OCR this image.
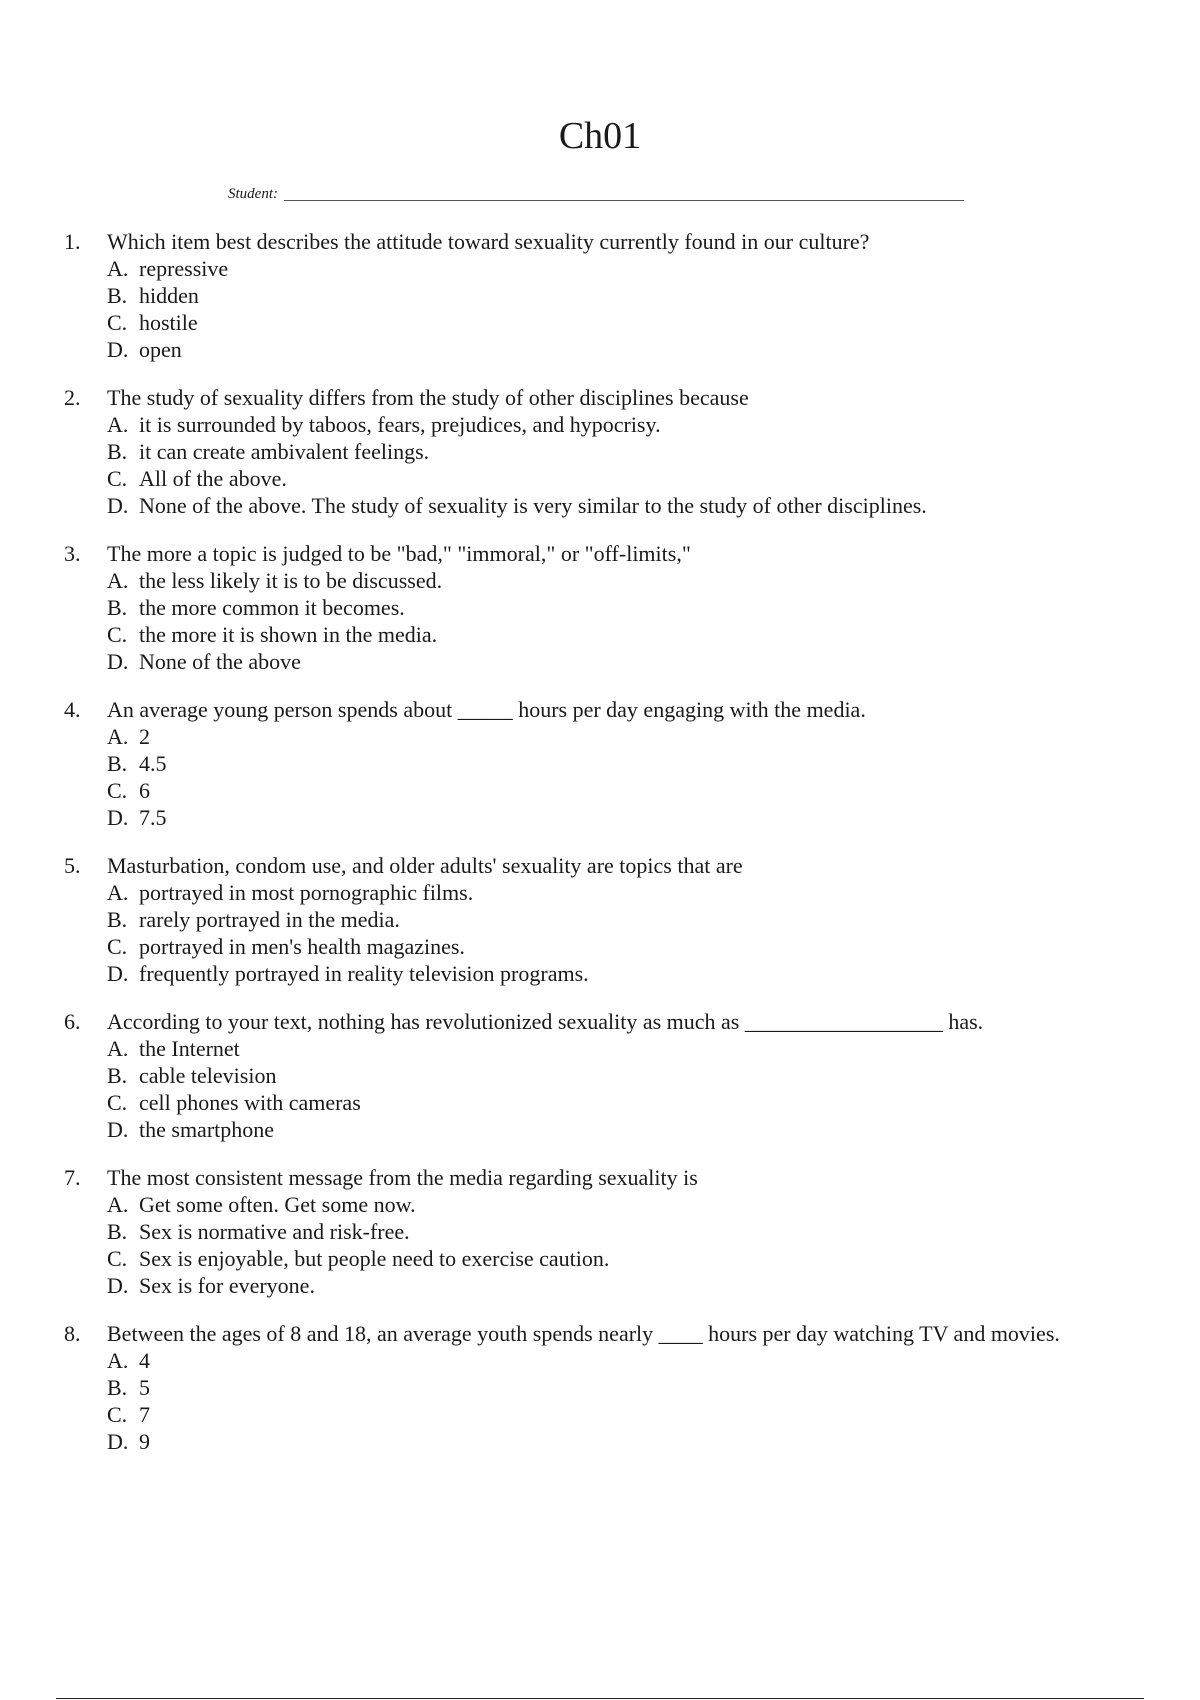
Ch01
Student:
1.	Which item best describes the attitude toward sexuality currently found in our culture?
A. repressive
B. hidden
C. hostile
D. open
2.	The study of sexuality differs from the study of other disciplines because
A. it is surrounded by taboos, fears, prejudices, and hypocrisy.
B. it can create ambivalent feelings.
C. All of the above.
D. None of the above. The study of sexuality is very similar to the study of other disciplines.
3.	The more a topic is judged to be "bad," "immoral," or "off-limits,"
A. the less likely it is to be discussed.
B. the more common it becomes.
C. the more it is shown in the media.
D. None of the above
4.	An average young person spends about _____ hours per day engaging with the media.
A. 2
B. 4.5
C. 6
D. 7.5
5.	Masturbation, condom use, and older adults' sexuality are topics that are
A. portrayed in most pornographic films.
B. rarely portrayed in the media.
C. portrayed in men's health magazines.
D. frequently portrayed in reality television programs.
6.	According to your text, nothing has revolutionized sexuality as much as __________________ has.
A. the Internet
B. cable television
C. cell phones with cameras
D. the smartphone
7.	The most consistent message from the media regarding sexuality is
A. Get some often. Get some now.
B. Sex is normative and risk-free.
C. Sex is enjoyable, but people need to exercise caution.
D. Sex is for everyone.
8.	Between the ages of 8 and 18, an average youth spends nearly ____ hours per day watching TV and movies.
A. 4
B. 5
C. 7
D. 9
